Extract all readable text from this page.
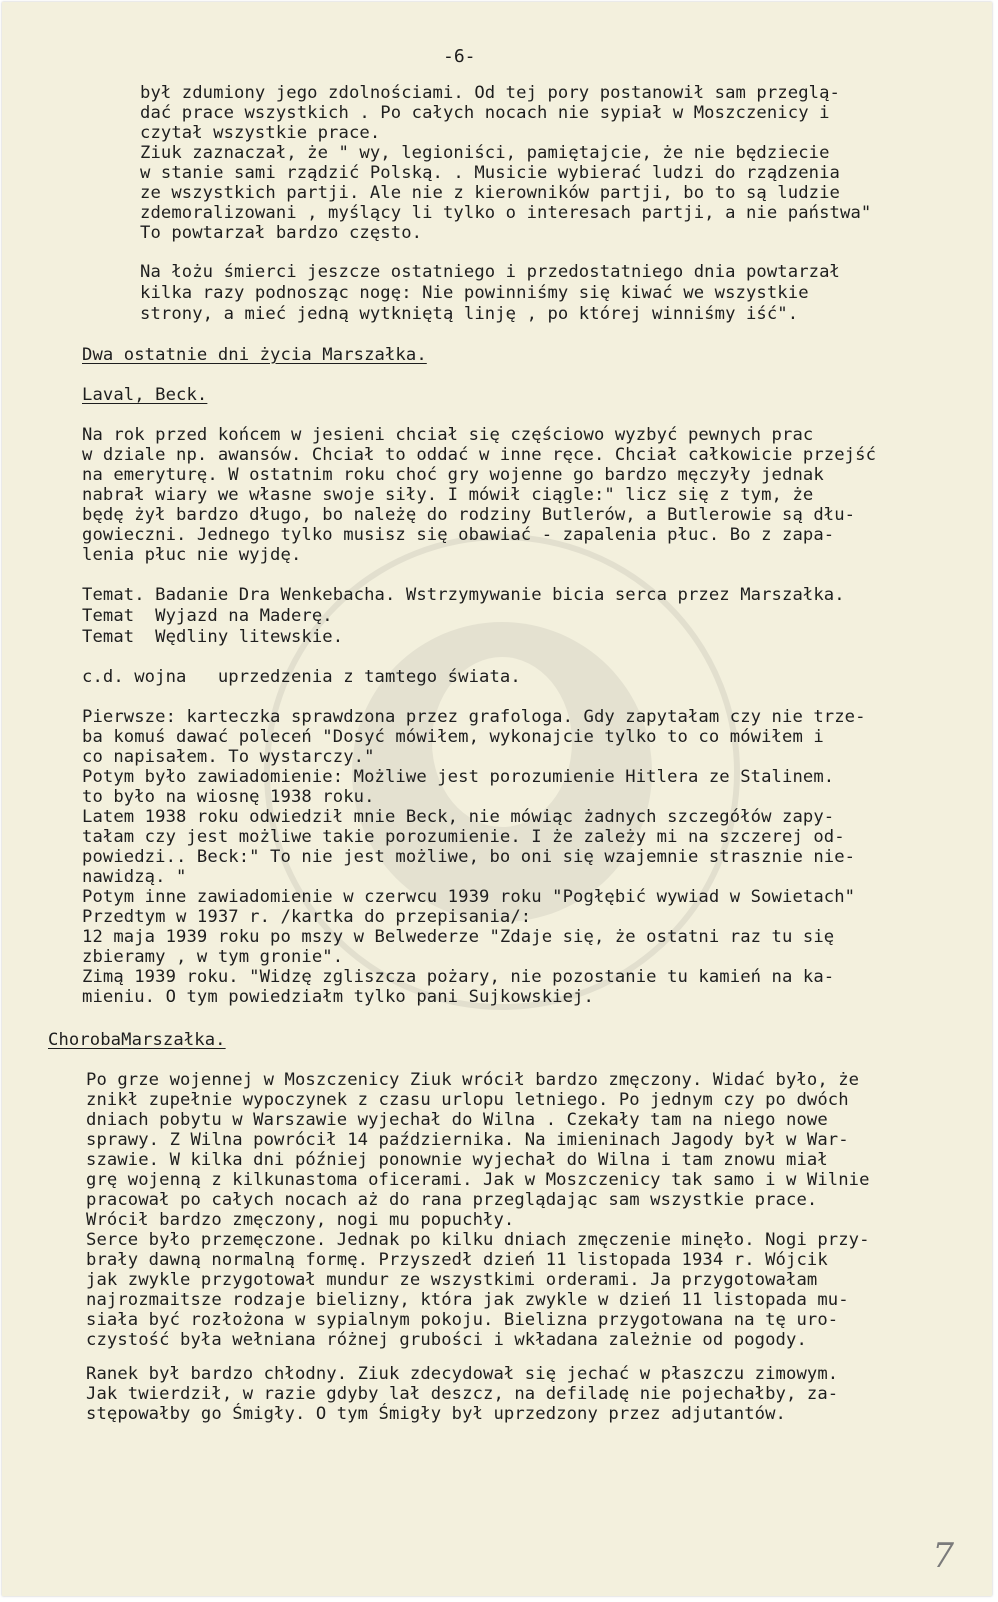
-6-
był zdumiony jego zdolnościami. Od tej pory postanowił sam przeglą-
dać prace wszystkich . Po całych nocach nie sypiał w Moszczenicy i
czytał wszystkie prace.
Ziuk zaznaczał, że " wy, legioniści, pamiętajcie, że nie będziecie
w stanie sami rządzić Polską. . Musicie wybierać ludzi do rządzenia
ze wszystkich partji. Ale nie z kierowników partji, bo to są ludzie
zdemoralizowani , myślący li tylko o interesach partji, a nie państwa"
To powtarzał bardzo często.
Na łożu śmierci jeszcze ostatniego i przedostatniego dnia powtarzał
kilka razy podnosząc nogę: Nie powinniśmy się kiwać we wszystkie
strony, a mieć jedną wytkniętą linję , po której winniśmy iść".
Dwa ostatnie dni życia Marszałka.
Laval, Beck.
Na rok przed końcem w jesieni chciał się częściowo wyzbyć pewnych prac
w dziale np. awansów. Chciał to oddać w inne ręce. Chciał całkowicie przejść
na emeryturę. W ostatnim roku choć gry wojenne go bardzo męczyły jednak
nabrał wiary we własne swoje siły. I mówił ciągle:" licz się z tym, że
będę żył bardzo długo, bo należę do rodziny Butlerów, a Butlerowie są dłu-
gowieczni. Jednego tylko musisz się obawiać - zapalenia płuc. Bo z zapa-
lenia płuc nie wyjdę.
Temat. Badanie Dra Wenkebacha. Wstrzymywanie bicia serca przez Marszałka.
Temat  Wyjazd na Maderę.
Temat  Wędliny litewskie.
c.d. wojna   uprzedzenia z tamtego świata.
Pierwsze: karteczka sprawdzona przez grafologa. Gdy zapytałam czy nie trze-
ba komuś dawać poleceń "Dosyć mówiłem, wykonajcie tylko to co mówiłem i
co napisałem. To wystarczy."
Potym było zawiadomienie: Możliwe jest porozumienie Hitlera ze Stalinem.
to było na wiosnę 1938 roku.
Latem 1938 roku odwiedził mnie Beck, nie mówiąc żadnych szczegółów zapy-
tałam czy jest możliwe takie porozumienie. I że zależy mi na szczerej od-
powiedzi.. Beck:" To nie jest możliwe, bo oni się wzajemnie strasznie nie-
nawidzą. "
Potym inne zawiadomienie w czerwcu 1939 roku "Pogłębić wywiad w Sowietach"
Przedtym w 1937 r. /kartka do przepisania/:
12 maja 1939 roku po mszy w Belwederze "Zdaje się, że ostatni raz tu się
zbieramy , w tym gronie".
Zimą 1939 roku. "Widzę zgliszcza pożary, nie pozostanie tu kamień na ka-
mieniu. O tym powiedziałm tylko pani Sujkowskiej.
ChorobaMarszałka.
Po grze wojennej w Moszczenicy Ziuk wrócił bardzo zmęczony. Widać było, że
znikł zupełnie wypoczynek z czasu urlopu letniego. Po jednym czy po dwóch
dniach pobytu w Warszawie wyjechał do Wilna . Czekały tam na niego nowe
sprawy. Z Wilna powrócił 14 października. Na imieninach Jagody był w War-
szawie. W kilka dni później ponownie wyjechał do Wilna i tam znowu miał
grę wojenną z kilkunastoma oficerami. Jak w Moszczenicy tak samo i w Wilnie
pracował po całych nocach aż do rana przeglądając sam wszystkie prace.
Wrócił bardzo zmęczony, nogi mu popuchły.
Serce było przemęczone. Jednak po kilku dniach zmęczenie minęło. Nogi przy-
brały dawną normalną formę. Przyszedł dzień 11 listopada 1934 r. Wójcik
jak zwykle przygotował mundur ze wszystkimi orderami. Ja przygotowałam
najrozmaitsze rodzaje bielizny, która jak zwykle w dzień 11 listopada mu-
siała być rozłożona w sypialnym pokoju. Bielizna przygotowana na tę uro-
czystość była wełniana różnej grubości i wkładana zależnie od pogody.
Ranek był bardzo chłodny. Ziuk zdecydował się jechać w płaszczu zimowym.
Jak twierdził, w razie gdyby lał deszcz, na defiladę nie pojechałby, za-
stępowałby go Śmigły. O tym Śmigły był uprzedzony przez adjutantów.
7
